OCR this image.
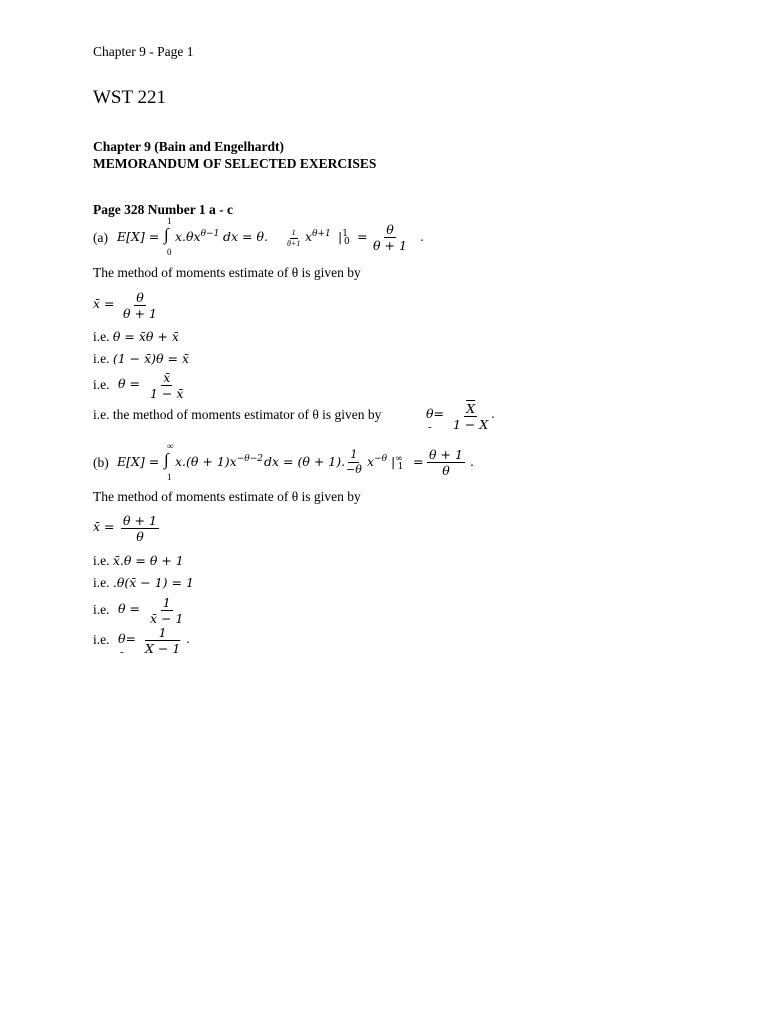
Chapter 9 - Page 1
WST 221
Chapter 9 (Bain and Engelhardt)
MEMORANDUM OF SELECTED EXERCISES
Page 328 Number 1 a - c
(a) E[X] =
1
∫
0
$x.\theta x^{\theta-1}$ dx = θ. $\frac{1}{\theta+1} x^{\theta+1}$ $|^1_0 = \frac{\theta}{\theta + 1}$ .
The method of moments estimate of θ is given by
x̄ = $\frac{\theta}{\theta + 1}$
i.e. θ = x̄θ + x̄
i.e. (1 − x̄)θ = x̄
i.e. $\theta = \frac{x̄}{1 - x̄}$
i.e. the method of moments estimator of θ is given by	θ=
- $\frac{\overline{X}}{1 - X}$ .
(b) E[X] =
∞
∫
1
$x.(\theta + 1)x^{-\theta-2}$ dx = (θ + 1).
$\frac{1}{-\theta} x^{-\theta}$ $|^\infty_1 = \frac{\theta + 1}{\theta}$ .
The method of moments estimate of θ is given by
x̄ = $\frac{\theta + 1}{\theta}$
i.e. x̄.θ = θ + 1
i.e. .θ(x̄ − 1) = 1
i.e. $\theta = \frac{1}{x̄ - 1}$
i.e. θ=
- $\frac{1}{X - 1}$ .
